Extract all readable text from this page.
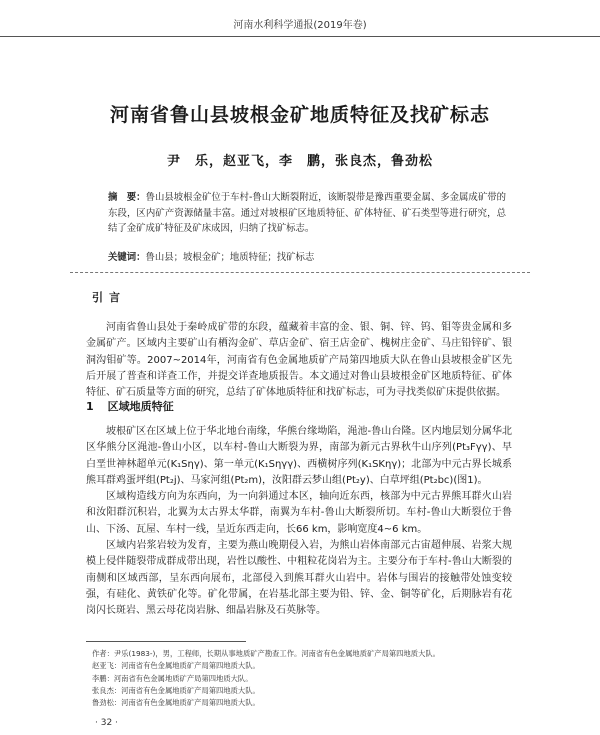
河南水利科学通报(2019年卷)
河南省鲁山县坡根金矿地质特征及找矿标志
尹　乐，赵亚飞，李　鹏，张良杰，鲁劲松
摘　要：鲁山县坡根金矿位于车村-鲁山大断裂附近，该断裂带是豫西重要金属、多金属成矿带的东段，区内矿产资源储量丰富。通过对坡根矿区地质特征、矿体特征、矿石类型等进行研究，总结了金矿成矿特征及矿床成因，归纳了找矿标志。
关键词：鲁山县；坡根金矿；地质特征；找矿标志
引言

河南省鲁山县处于秦岭成矿带的东段，蕴藏着丰富的金、银、铜、锌、钨、钼等贵金属和多金属矿产。区域内主要矿山有栖沟金矿、草店金矿、宿王店金矿、槐树庄金矿、马庄铅锌矿、银洞沟钼矿等。2007~2014年，河南省有色金属地质矿产局第四地质大队在鲁山县坡根金矿区先后开展了普查和详查工作，并提交详查地质报告。本文通过对鲁山县坡根金矿区地质特征、矿体特征、矿石质量等方面的研究，总结了矿体地质特征和找矿标志，可为寻找类似矿床提供依据。

1 区域地质特征

坡根矿区在区域上位于华北地台南缘，华熊台缘坳陷，渑池-鲁山台隆。区内地层划分属华北区华熊分区渑池-鲁山小区，以车村-鲁山大断裂为界，南部为新元古界秋牛山序列(Pt₃Fγγ)、早白垩世神林超单元(K₁Sηγ)、第一单元(K₁Sηγγ)、西横树序列(K₁SKηγ)；北部为中元古界长城系熊耳群鸡蛋坪组(Pt₂j)、马家河组(Pt₂m)，汝阳群云梦山组(Pt₂y)、白草坪组(Pt₂bc)(图1)。

区域构造线方向为东西向，为一向斜通过本区，轴向近东西，核部为中元古界熊耳群火山岩和汝阳群沉积岩，北翼为太古界太华群，南翼为车村-鲁山大断裂所切。车村-鲁山大断裂位于鲁山、下汤、瓦屋、车村一线，呈近东西走向，长66 km，影响宽度4~6 km。

区域内岩浆岩较为发育，主要为燕山晚期侵入岩，为熊山岩体南部元古宙超伸展、岩浆大规模上侵伴随裂带成群成带出现，岩性以酸性、中粗粒花岗岩为主。主要分布于车村-鲁山大断裂的南侧和区域西部，呈东西向展布，北部侵入到熊耳群火山岩中。岩体与围岩的接触带处蚀变较强，有硅化、黄铁矿化等。矿化带属，在岩基北部主要为铅、锌、金、铜等矿化，后期脉岩有花岗闪长斑岩、黑云母花岗岩脉、细晶岩脉及石英脉等。

作者：尹乐(1983-)，男，工程师，长期从事地质矿产勘查工作。河南省有色金属地质矿产局第四地质大队。
赵亚飞：河南省有色金属地质矿产局第四地质大队。
李鹏：河南省有色金属地质矿产局第四地质大队。
张良杰：河南省有色金属地质矿产局第四地质大队。
鲁劲松：河南省有色金属地质矿产局第四地质大队。
· 32 ·
